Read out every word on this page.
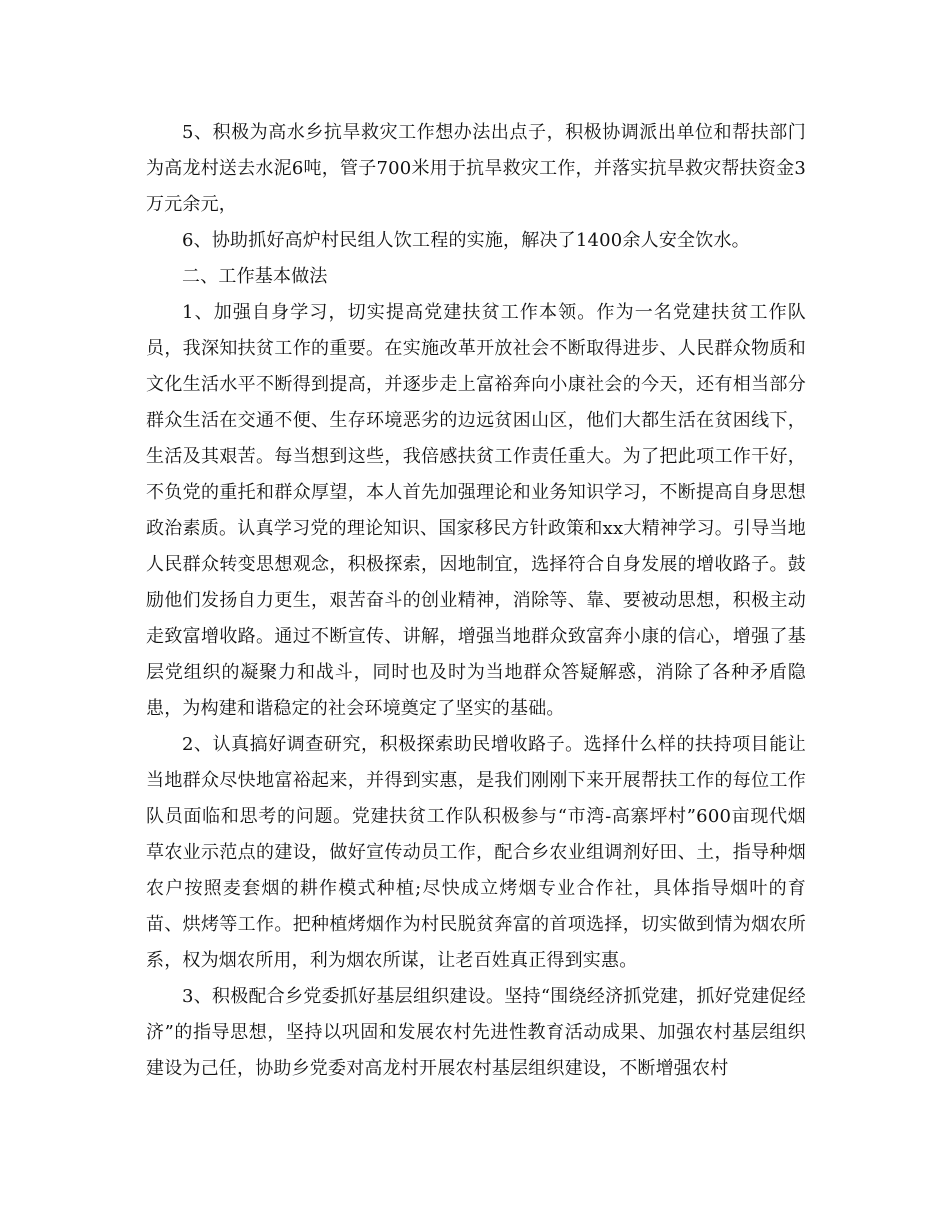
5、积极为高水乡抗旱救灾工作想办法出点子，积极协调派出单位和帮扶部门为高龙村送去水泥6吨，管子700米用于抗旱救灾工作，并落实抗旱救灾帮扶资金3万元余元，

6、协助抓好高炉村民组人饮工程的实施，解决了1400余人安全饮水。

二、工作基本做法

1、加强自身学习，切实提高党建扶贫工作本领。作为一名党建扶贫工作队员，我深知扶贫工作的重要。在实施改革开放社会不断取得进步、人民群众物质和文化生活水平不断得到提高，并逐步走上富裕奔向小康社会的今天，还有相当部分群众生活在交通不便、生存环境恶劣的边远贫困山区，他们大都生活在贫困线下，生活及其艰苦。每当想到这些，我倍感扶贫工作责任重大。为了把此项工作干好，不负党的重托和群众厚望，本人首先加强理论和业务知识学习，不断提高自身思想政治素质。认真学习党的理论知识、国家移民方针政策和xx大精神学习。引导当地人民群众转变思想观念，积极探索，因地制宜，选择符合自身发展的增收路子。鼓励他们发扬自力更生，艰苦奋斗的创业精神，消除等、靠、要被动思想，积极主动走致富增收路。通过不断宣传、讲解，增强当地群众致富奔小康的信心，增强了基层党组织的凝聚力和战斗，同时也及时为当地群众答疑解惑，消除了各种矛盾隐患，为构建和谐稳定的社会环境奠定了坚实的基础。

2、认真搞好调查研究，积极探索助民增收路子。选择什么样的扶持项目能让当地群众尽快地富裕起来，并得到实惠，是我们刚刚下来开展帮扶工作的每位工作队员面临和思考的问题。党建扶贫工作队积极参与“市湾-高寨坪村”600亩现代烟草农业示范点的建设，做好宣传动员工作，配合乡农业组调剂好田、土，指导种烟农户按照麦套烟的耕作模式种植;尽快成立烤烟专业合作社，具体指导烟叶的育苗、烘烤等工作。把种植烤烟作为村民脱贫奔富的首项选择，切实做到情为烟农所系，权为烟农所用，利为烟农所谋，让老百姓真正得到实惠。

3、积极配合乡党委抓好基层组织建设。坚持“围绕经济抓党建，抓好党建促经济”的指导思想，坚持以巩固和发展农村先进性教育活动成果、加强农村基层组织建设为己任，协助乡党委对高龙村开展农村基层组织建设，不断增强农村
